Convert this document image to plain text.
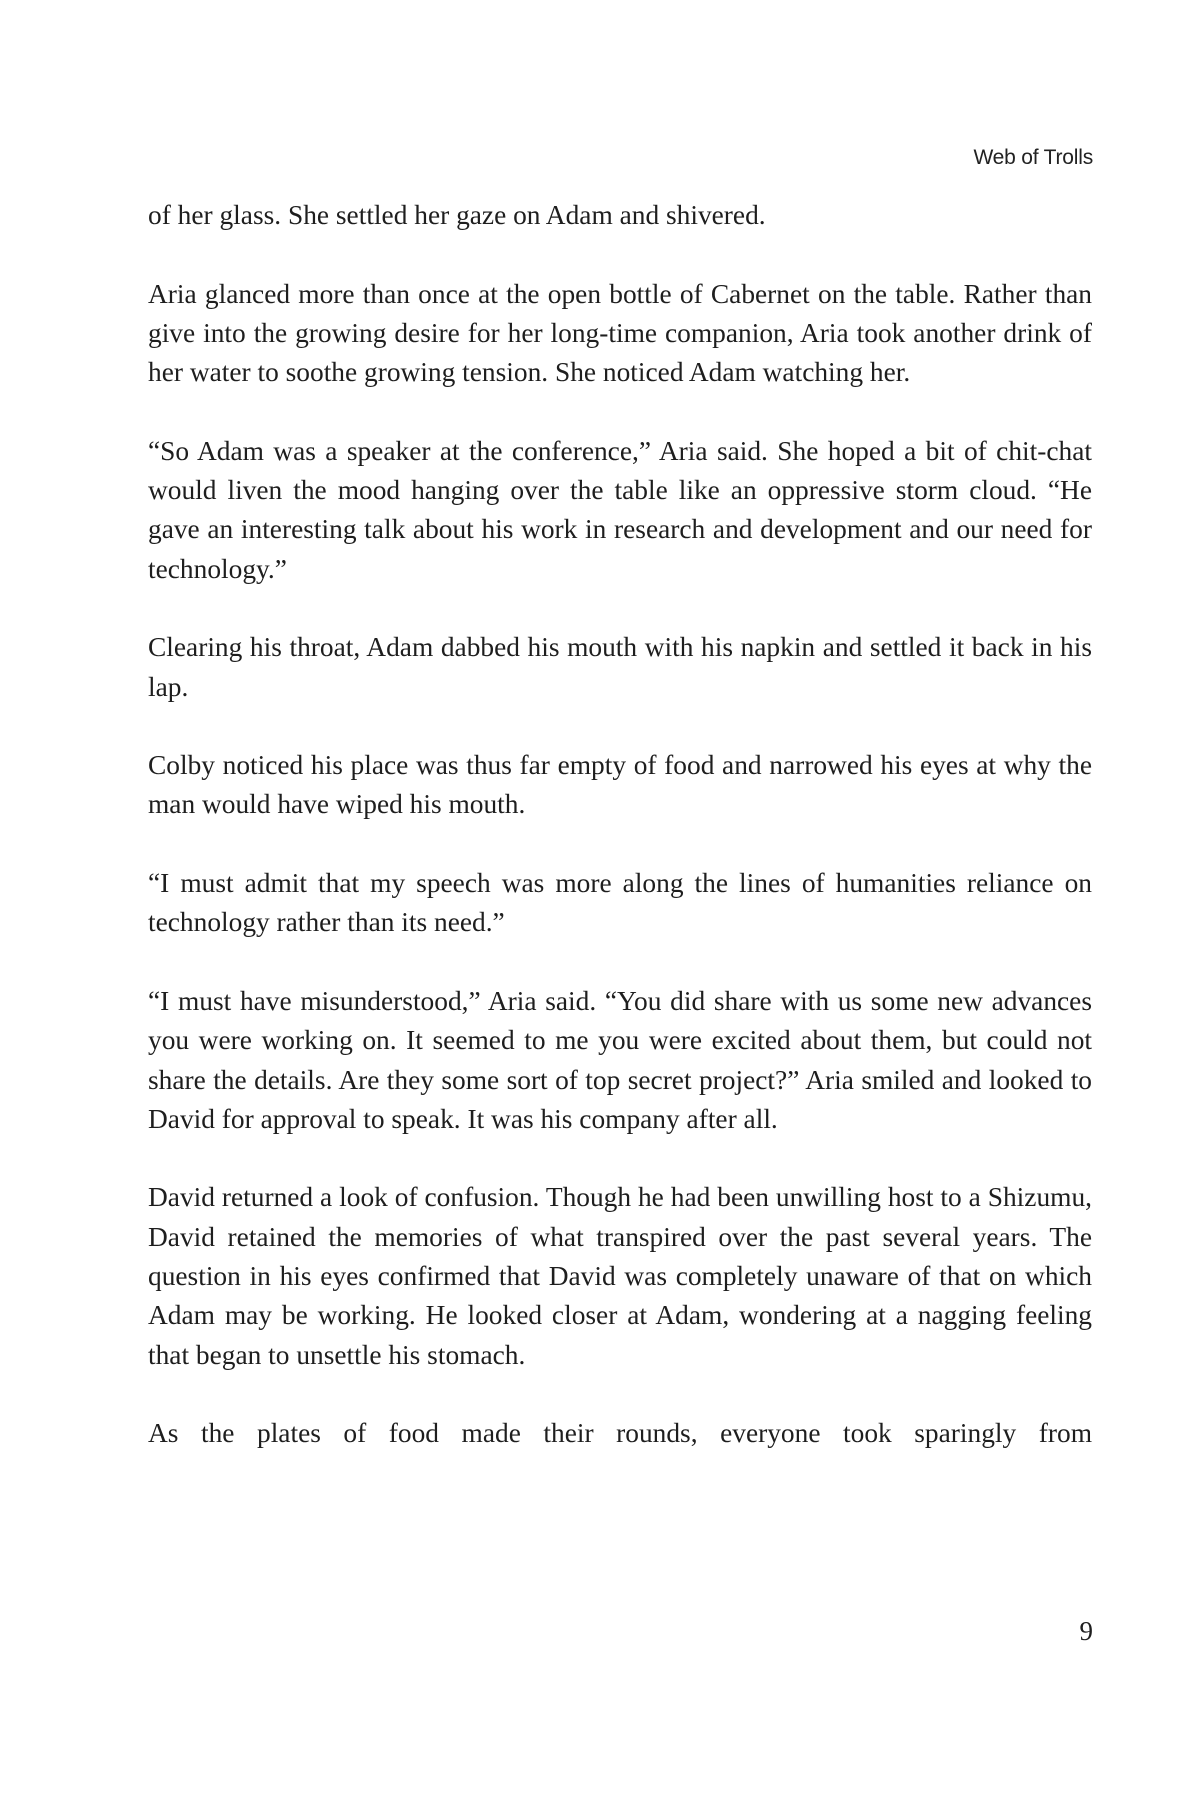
Web of Trolls

of her glass. She settled her gaze on Adam and shivered.

Aria glanced more than once at the open bottle of Cabernet on the table. Rather than give into the growing desire for her long-time companion, Aria took another drink of her water to soothe growing tension. She noticed Adam watching her.

“So Adam was a speaker at the conference,” Aria said. She hoped a bit of chit-chat would liven the mood hanging over the table like an oppressive storm cloud. “He gave an interesting talk about his work in research and development and our need for technology.”

Clearing his throat, Adam dabbed his mouth with his napkin and settled it back in his lap.

Colby noticed his place was thus far empty of food and narrowed his eyes at why the man would have wiped his mouth.

“I must admit that my speech was more along the lines of humanities reliance on technology rather than its need.”

“I must have misunderstood,” Aria said. “You did share with us some new advances you were working on. It seemed to me you were excited about them, but could not share the details. Are they some sort of top secret project?” Aria smiled and looked to David for approval to speak. It was his company after all.

David returned a look of confusion. Though he had been unwilling host to a Shizumu, David retained the memories of what transpired over the past several years. The question in his eyes confirmed that David was completely unaware of that on which Adam may be working. He looked closer at Adam, wondering at a nagging feeling that began to unsettle his stomach.

As the plates of food made their rounds, everyone took sparingly from

9
